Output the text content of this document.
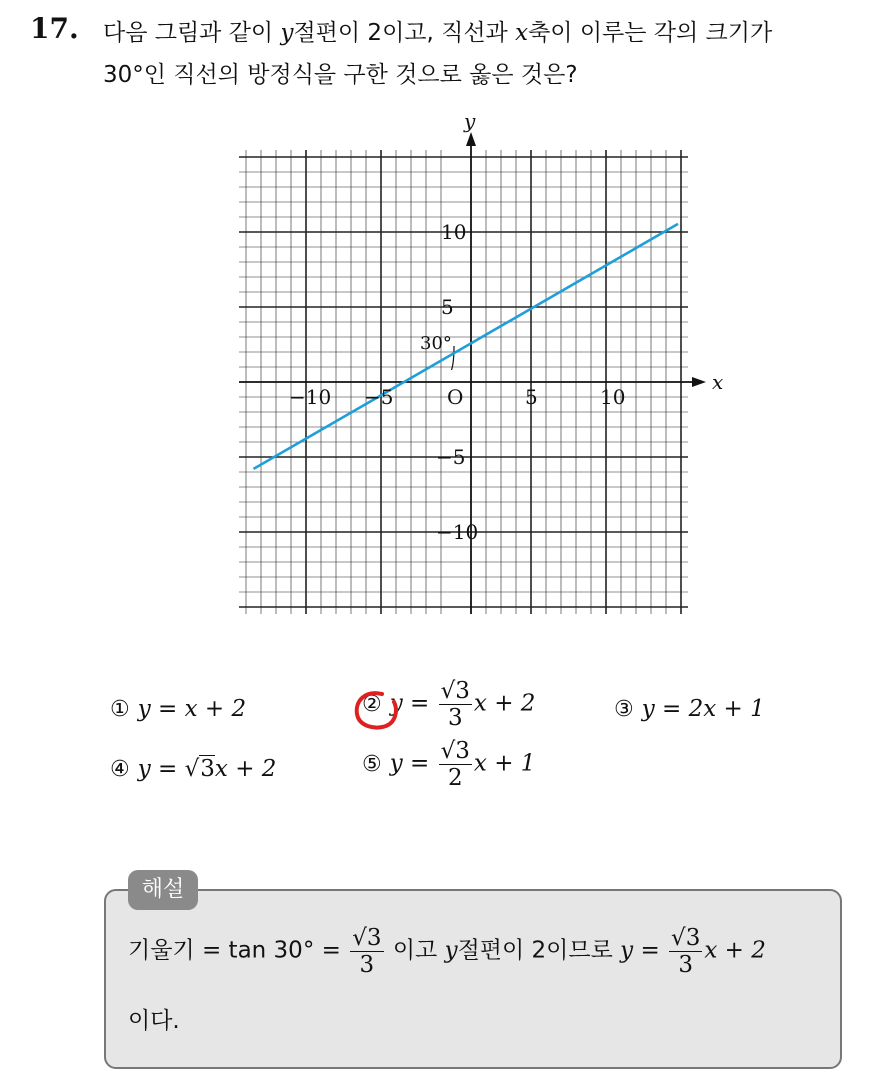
17. 다음 그림과 같이 y절편이 2이고, 직선과 x축이 이루는 각의 크기가
30°인 직선의 방정식을 구한 것으로 옳은 것은?
x
y
O
30°
−10 −5	5	10
10
5
−5
−10
① y = x + 2	② $y = \frac{√3}{3}$ x + 2	③ y = 2x + 1
④ y = √3x + 2	⑤ $y = \frac{√3}{2}$ x + 1
해설
기울기 = $\tan 30^\circ = \frac{√3}{3}$ 이고 y절편이 2이므로 $y = \frac{√3}{3}$ x + 2
이다.
